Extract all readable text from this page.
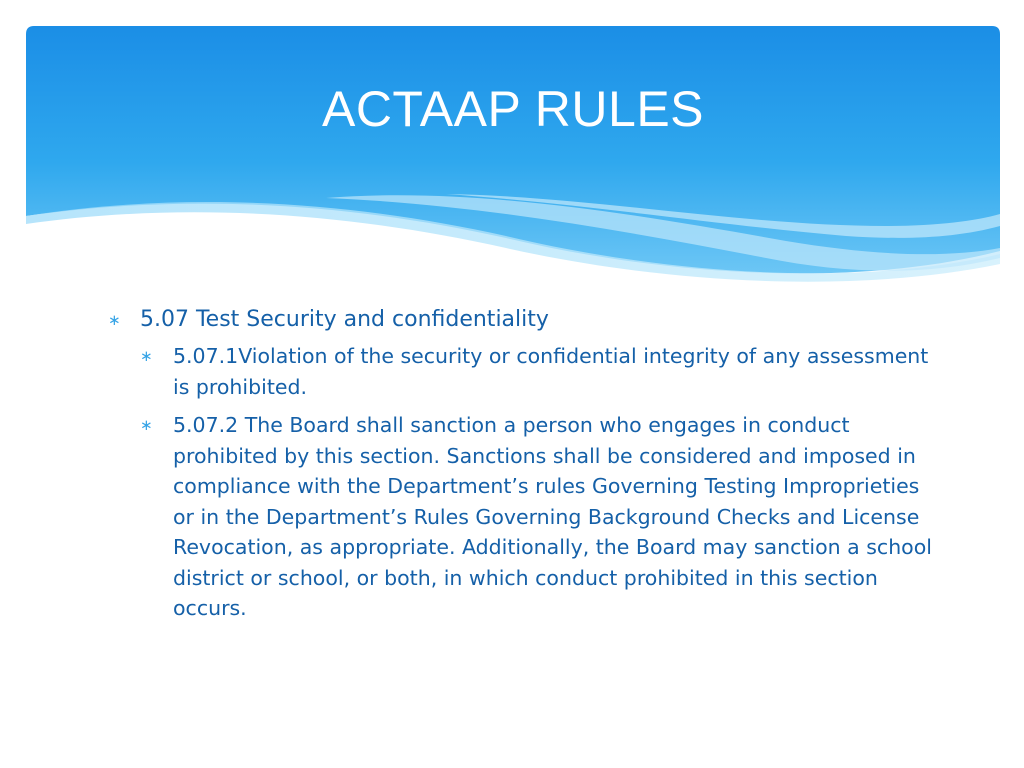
ACTAAP RULES
∗ 5.07 Test Security and confidentiality
∗ 5.07.1Violation of the security or confidential integrity of any assessment is prohibited.
∗ 5.07.2 The Board shall sanction a person who engages in conduct prohibited by this section. Sanctions shall be considered and imposed in compliance with the Department’s rules Governing Testing Improprieties or in the Department’s Rules Governing Background Checks and License Revocation, as appropriate. Additionally, the Board may sanction a school district or school, or both, in which conduct prohibited in this section occurs.
